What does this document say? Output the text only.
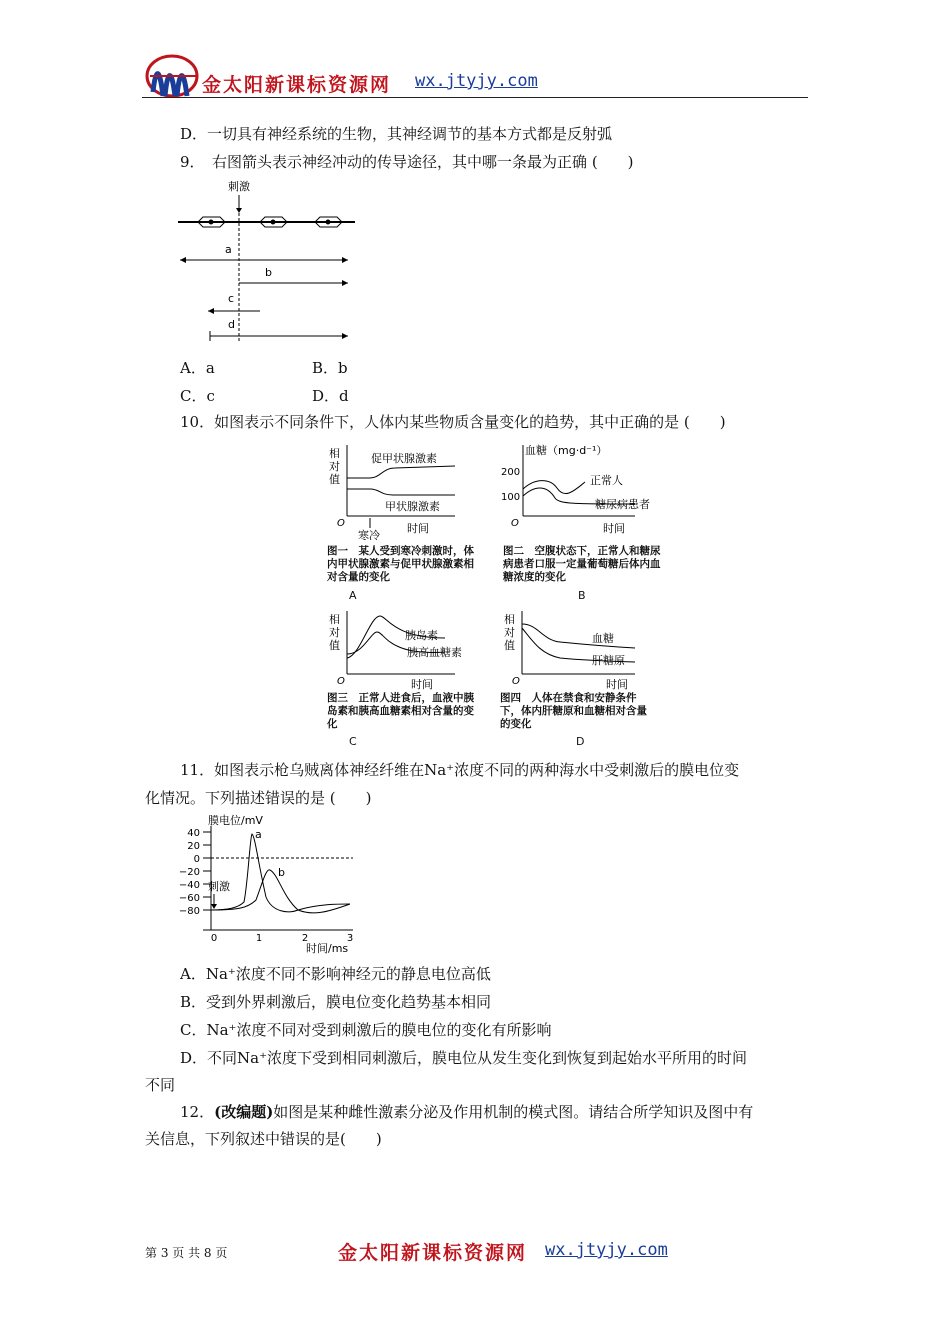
金太阳新课标资源网 wx.jtyjy.com
D．一切具有神经系统的生物，其神经调节的基本方式都是反射弧
9．　右图箭头表示神经冲动的传导途径，其中哪一条最为正确 (　　)
刺激
a
b
c
d
A．a	B．b
C．c	D．d
10．如图表示不同条件下，人体内某些物质含量变化的趋势，其中正确的是 (　　)
相
对
值
促甲状腺激素
甲状腺激素
O	时间
寒冷
图一　某人受到寒冷刺激时，体内甲状腺激素与促甲状腺激素相对含量的变化
A
血糖（mg·d⁻¹）
200
100
正常人
糖尿病患者
O	时间
图二　空腹状态下，正常人和糖尿病患者口服一定量葡萄糖后体内血糖浓度的变化
B
相
对
值
胰岛素
胰高血糖素
O	时间
图三　正常人进食后，血液中胰岛素和胰高血糖素相对含量的变化
C
相
对
值
血糖
肝糖原
O	时间
图四　人体在禁食和安静条件下，体内肝糖原和血糖相对含量的变化
D
11．如图表示枪乌贼离体神经纤维在Na⁺浓度不同的两种海水中受刺激后的膜电位变
化情况。下列描述错误的是 (　　)
膜电位/mV
40
20
0
−20
−40
−60
−80
0	1	2	3
时间/ms
刺激
a
b
A．Na⁺浓度不同不影响神经元的静息电位高低
B．受到外界刺激后，膜电位变化趋势基本相同
C．Na⁺浓度不同对受到刺激后的膜电位的变化有所影响
D．不同Na⁺浓度下受到相同刺激后，膜电位从发生变化到恢复到起始水平所用的时间
不同
12．(改编题)如图是某种雌性激素分泌及作用机制的模式图。请结合所学知识及图中有
关信息，下列叙述中错误的是(　　)
第 3 页 共 8 页	金太阳新课标资源网 wx.jtyjy.com
